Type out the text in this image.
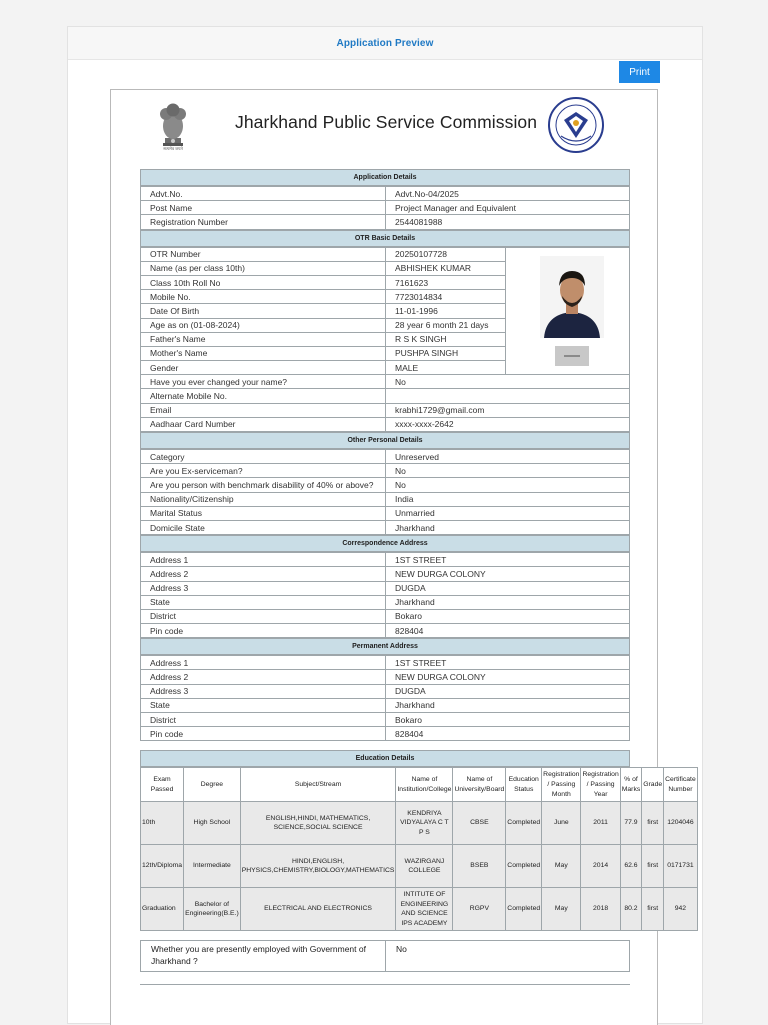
Application Preview
Print
सत्यमेव जयते
Jharkhand Public Service Commission
Application Details
Advt.No.	Advt.No-04/2025
Post Name	Project Manager and Equivalent
Registration Number	2544081988
OTR Basic Details
OTR Number	20250107728	

Name (as per class 10th)	ABHISHEK KUMAR	
Class 10th Roll No	7161623	
Mobile No.	7723014834	
Date Of Birth	11-01-1996	
Age as on (01-08-2024)	28 year 6 month 21 days	
Father's Name	R S K SINGH	
Mother's Name	PUSHPA SINGH	
Gender	MALE	
Have you ever changed your name?	No	
Alternate Mobile No.		
Email	krabhi1729@gmail.com	
Aadhaar Card Number	xxxx-xxxx-2642	
Other Personal Details
Category	Unreserved
Are you Ex-serviceman?	No
Are you person with benchmark disability of 40% or above?	No
Nationality/Citizenship	India
Marital Status	Unmarried
Domicile State	Jharkhand
Correspondence Address
Address 1	1ST STREET
Address 2	NEW DURGA COLONY
Address 3	DUGDA
State	Jharkhand
District	Bokaro
Pin code	828404
Permanent Address
Address 1	1ST STREET
Address 2	NEW DURGA COLONY
Address 3	DUGDA
State	Jharkhand
District	Bokaro
Pin code	828404
Education Details
Exam Passed	Degree	Subject/Stream	Name of Institution/College	Name of University/Board	Education Status	Registration / Passing Month	Registration / Passing Year	% of Marks	Grade	Certificate Number
10th	High School	ENGLISH,HINDI, MATHEMATICS, SCIENCE,SOCIAL SCIENCE	KENDRIYA VIDYALAYA C T P S	CBSE	Completed	June	2011	77.9	first	1204046
12th/Diploma	Intermediate	HINDI,ENGLISH, PHYSICS,CHEMISTRY,BIOLOGY,MATHEMATICS	WAZIRGANJ COLLEGE	BSEB	Completed	May	2014	62.6	first	0171731
Graduation	Bachelor of Engineering(B.E.)	ELECTRICAL AND ELECTRONICS	INTITUTE OF ENGINEERING AND SCIENCE IPS ACADEMY	RGPV	Completed	May	2018	80.2	first	942
Whether you are presently employed with Government of Jharkhand ?	No
